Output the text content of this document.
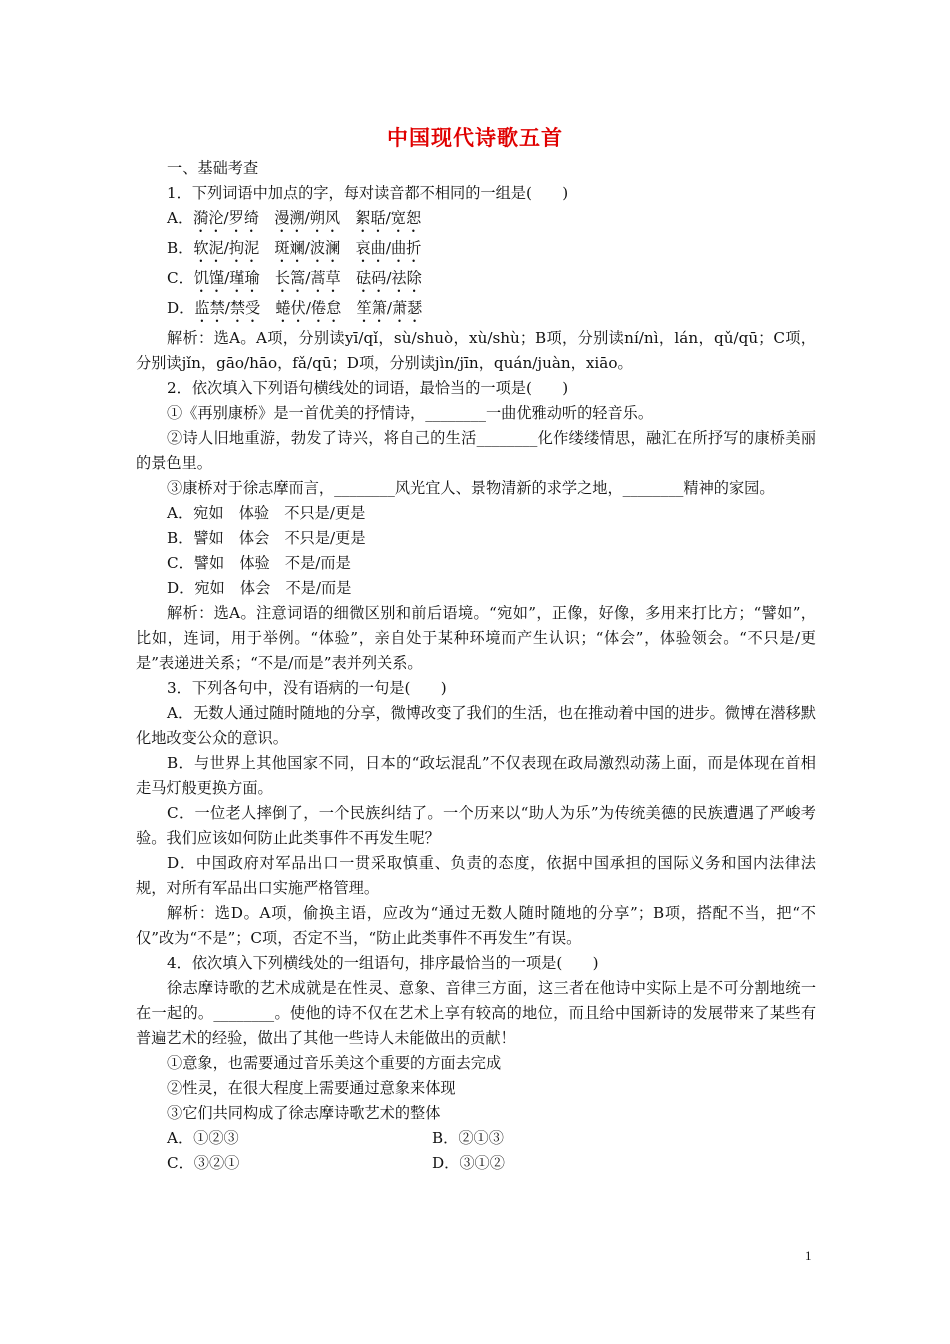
中国现代诗歌五首

一、基础考查

1．下列词语中加点的字，每对读音都不相同的一组是(　　)

A．漪沦/罗绮　 漫溯/朔风　 絮聒/宽恕

B．软泥/拘泥　 斑斓/波澜　 哀曲/曲折

C．饥馑/瑾瑜　 长篙/蒿草　 砝码/祛除

D．监禁/禁受　 蜷伏/倦怠　 笙箫/萧瑟

解析：选A。A项，分别读yī/qǐ，sù/shuò，xù/shù；B项，分别读ní/nì，lán，qǔ/qū；C项，分别读jǐn，gāo/hāo，fǎ/qū；D项，分别读jìn/jīn，quán/juàn，xiāo。

2．依次填入下列语句横线处的词语，最恰当的一项是(　　)

①《再别康桥》是一首优美的抒情诗，________一曲优雅动听的轻音乐。

②诗人旧地重游，勃发了诗兴，将自己的生活________化作缕缕情思，融汇在所抒写的康桥美丽的景色里。

③康桥对于徐志摩而言，________风光宜人、景物清新的求学之地，________精神的家园。

A．宛如　体验　不只是/更是

B．譬如　体会　不只是/更是

C．譬如　体验　不是/而是

D．宛如　体会　不是/而是

解析：选A。注意词语的细微区别和前后语境。“宛如”，正像，好像，多用来打比方；“譬如”，比如，连词，用于举例。“体验”，亲自处于某种环境而产生认识；“体会”，体验领会。“不只是/更是”表递进关系；“不是/而是”表并列关系。

3．下列各句中，没有语病的一句是(　　)

A．无数人通过随时随地的分享，微博改变了我们的生活，也在推动着中国的进步。微博在潜移默化地改变公众的意识。

B．与世界上其他国家不同，日本的“政坛混乱”不仅表现在政局激烈动荡上面，而是体现在首相走马灯般更换方面。

C．一位老人摔倒了，一个民族纠结了。一个历来以“助人为乐”为传统美德的民族遭遇了严峻考验。我们应该如何防止此类事件不再发生呢？

D．中国政府对军品出口一贯采取慎重、负责的态度，依据中国承担的国际义务和国内法律法规，对所有军品出口实施严格管理。

解析：选D。A项，偷换主语，应改为“通过无数人随时随地的分享”；B项，搭配不当，把“不仅”改为“不是”；C项，否定不当，“防止此类事件不再发生”有误。

4．依次填入下列横线处的一组语句，排序最恰当的一项是(　　)

徐志摩诗歌的艺术成就是在性灵、意象、音律三方面，这三者在他诗中实际上是不可分割地统一在一起的。________。使他的诗不仅在艺术上享有较高的地位，而且给中国新诗的发展带来了某些有普遍艺术的经验，做出了其他一些诗人未能做出的贡献！

①意象，也需要通过音乐美这个重要的方面去完成

②性灵，在很大程度上需要通过意象来体现

③它们共同构成了徐志摩诗歌艺术的整体

A．①②③	B．②①③
C．③②①	D．③①②
1
